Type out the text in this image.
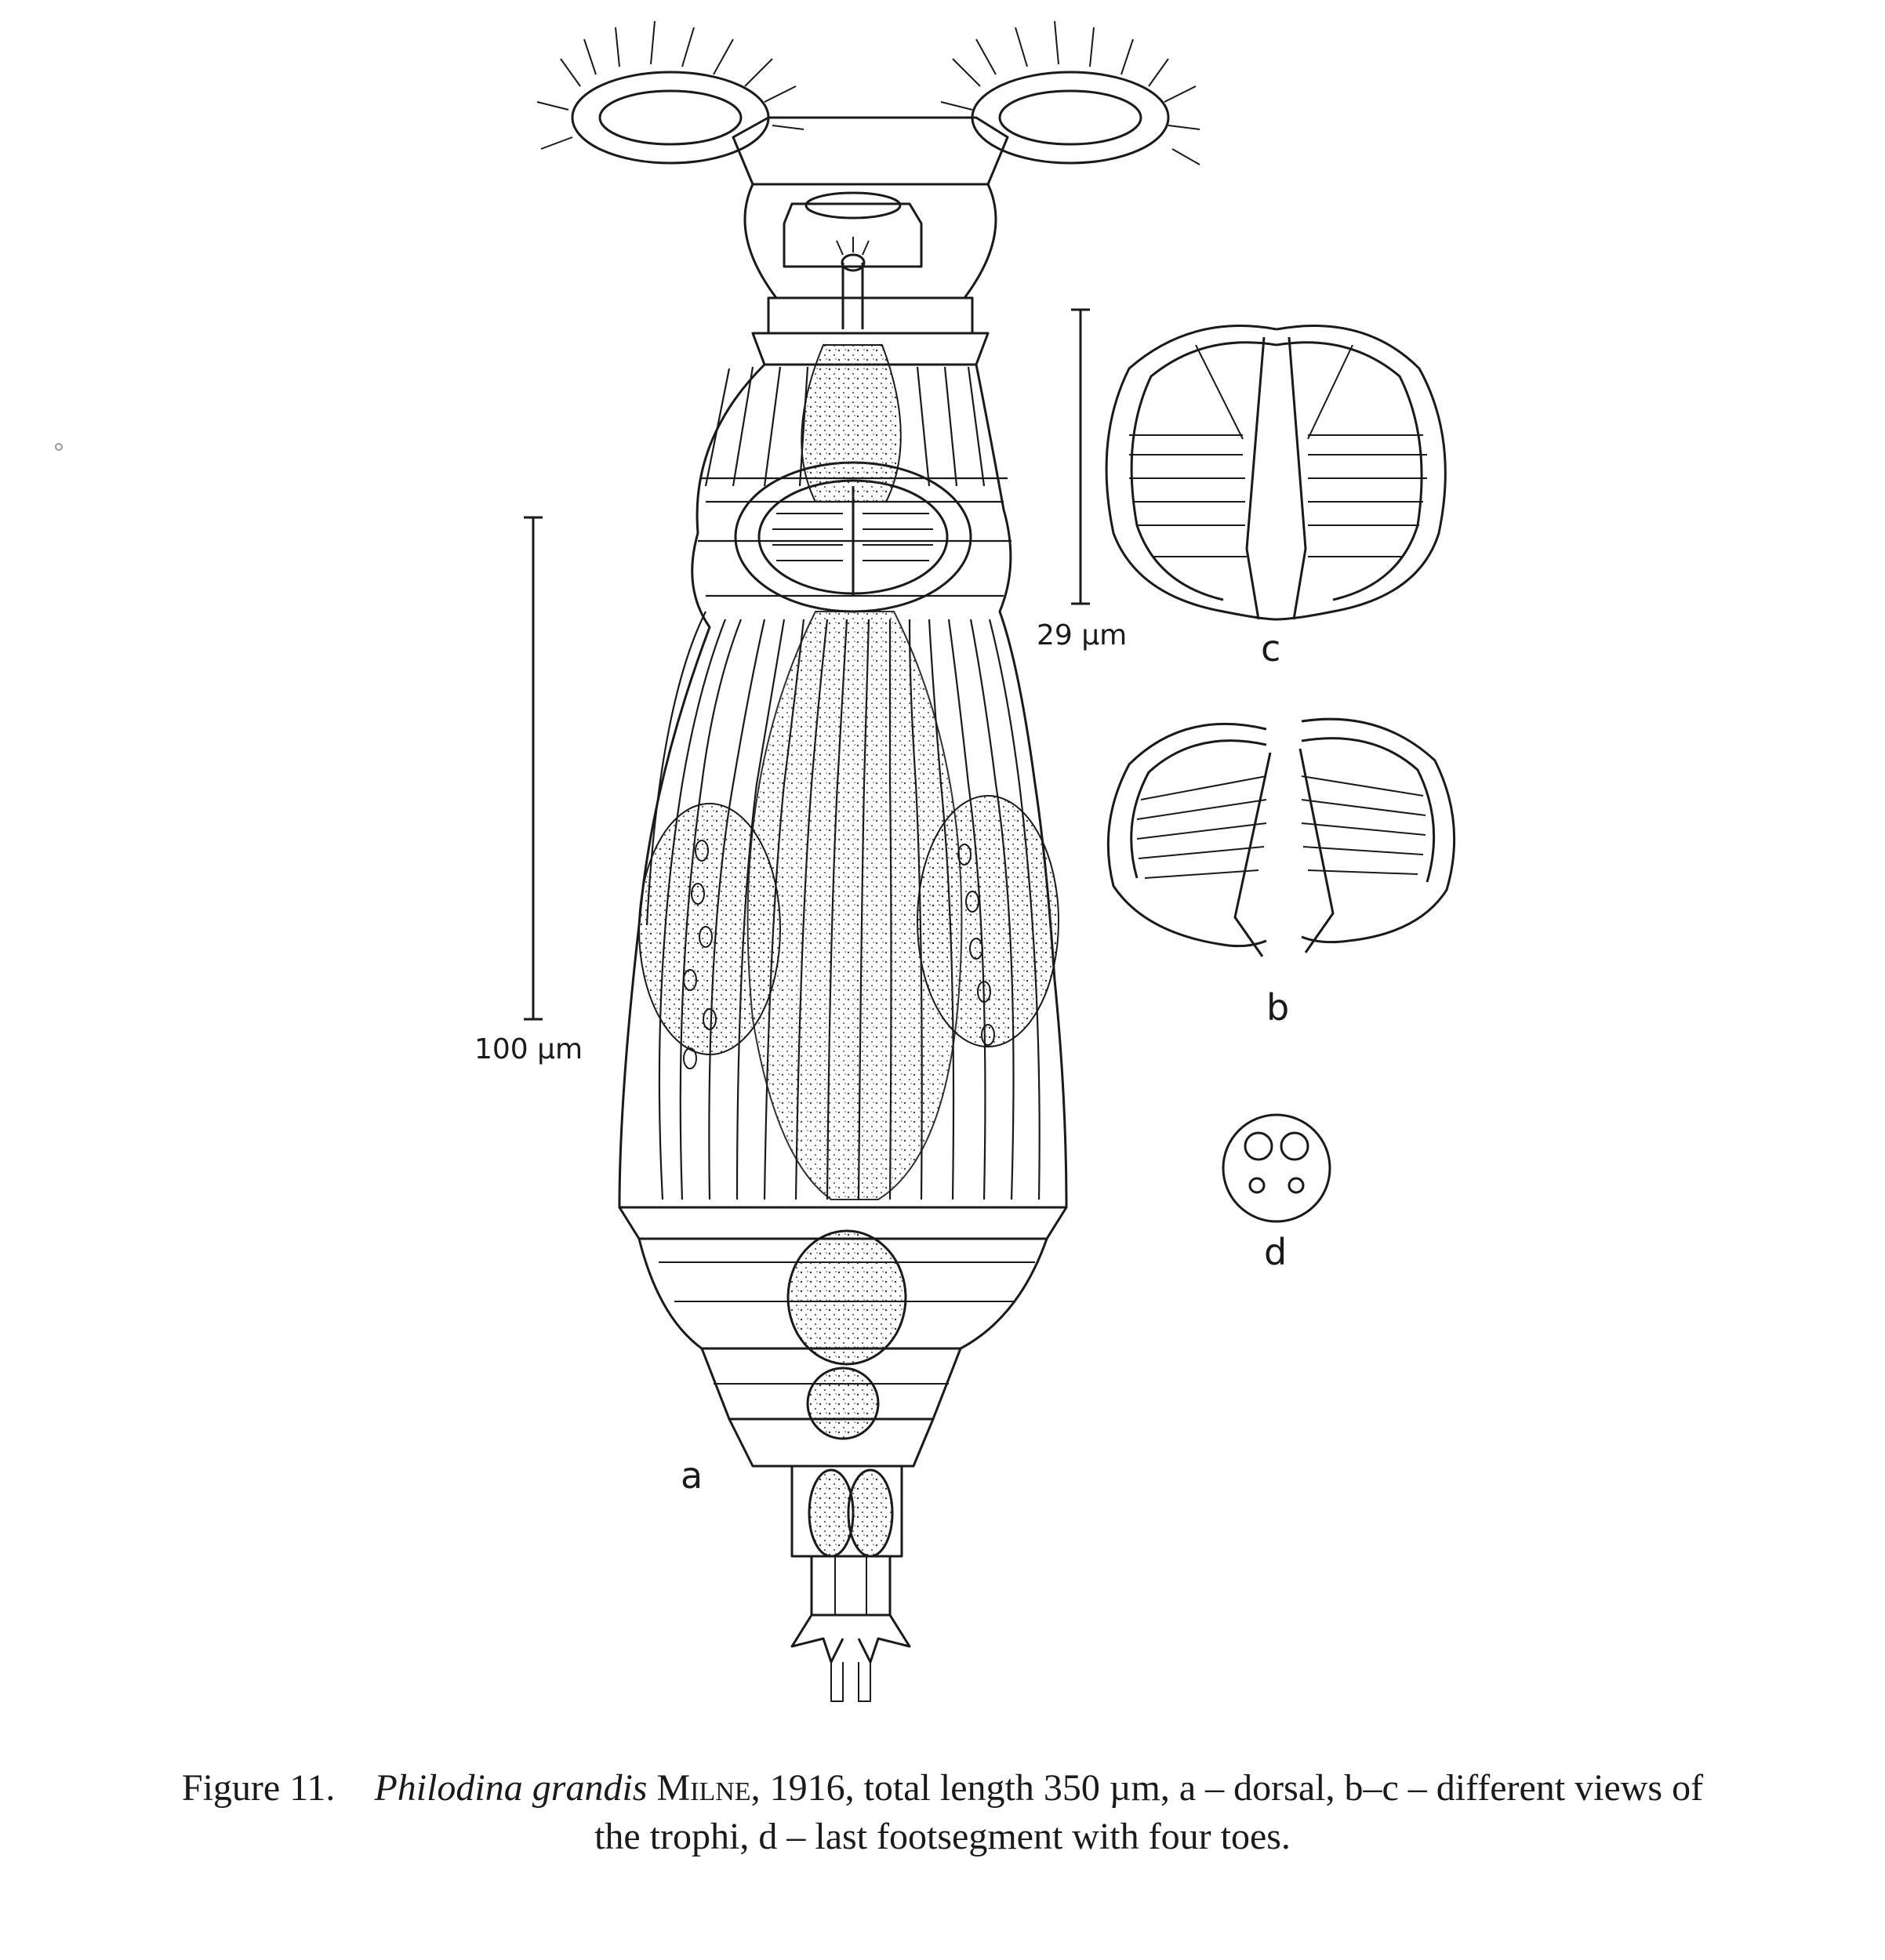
a
b
c
d
100 µm
29 µm
Figure 11. Philodina grandis Milne, 1916, total length 350 µm, a – dorsal, b–c – different views of
the trophi, d – last footsegment with four toes.
